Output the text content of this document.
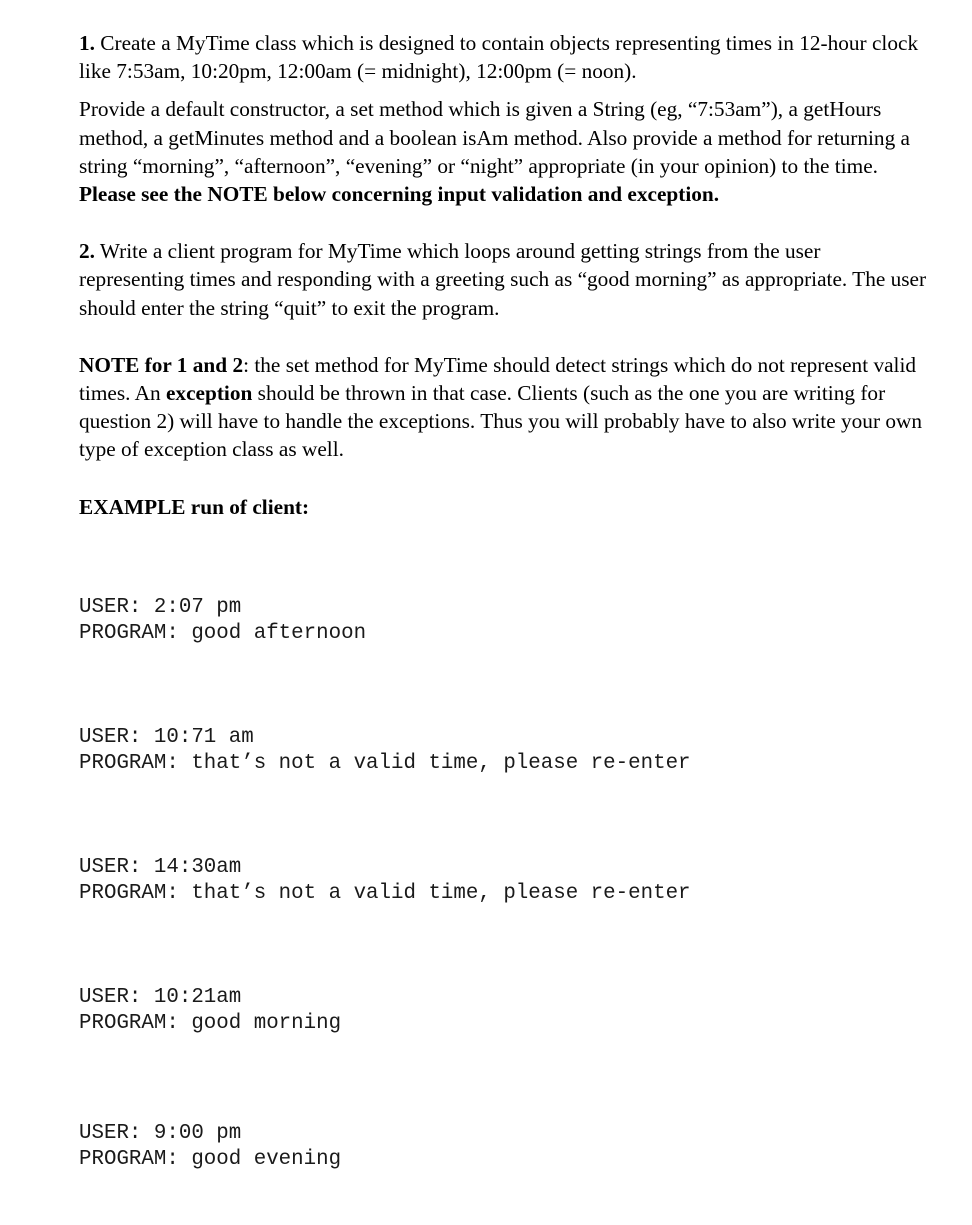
1. Create a MyTime class which is designed to contain objects representing times in 12-hour clock like 7:53am, 10:20pm, 12:00am (= midnight), 12:00pm (= noon).

Provide a default constructor, a set method which is given a String (eg, “7:53am”), a getHours method, a getMinutes method and a boolean isAm method. Also provide a method for returning a string “morning”, “afternoon”, “evening” or “night” appropriate (in your opinion) to the time. Please see the NOTE below concerning input validation and exception.

2. Write a client program for MyTime which loops around getting strings from the user representing times and responding with a greeting such as “good morning” as appropriate. The user should enter the string “quit” to exit the program.

NOTE for 1 and 2: the set method for MyTime should detect strings which do not represent valid times. An exception should be thrown in that case. Clients (such as the one you are writing for question 2) will have to handle the exceptions. Thus you will probably have to also write your own type of exception class as well.

EXAMPLE run of client:

USER: 2:07 pm
PROGRAM: good afternoon

USER: 10:71 am
PROGRAM: that’s not a valid time, please re-enter

USER: 14:30am
PROGRAM: that’s not a valid time, please re-enter

USER: 10:21am
PROGRAM: good morning

USER: 9:00 pm
PROGRAM: good evening
